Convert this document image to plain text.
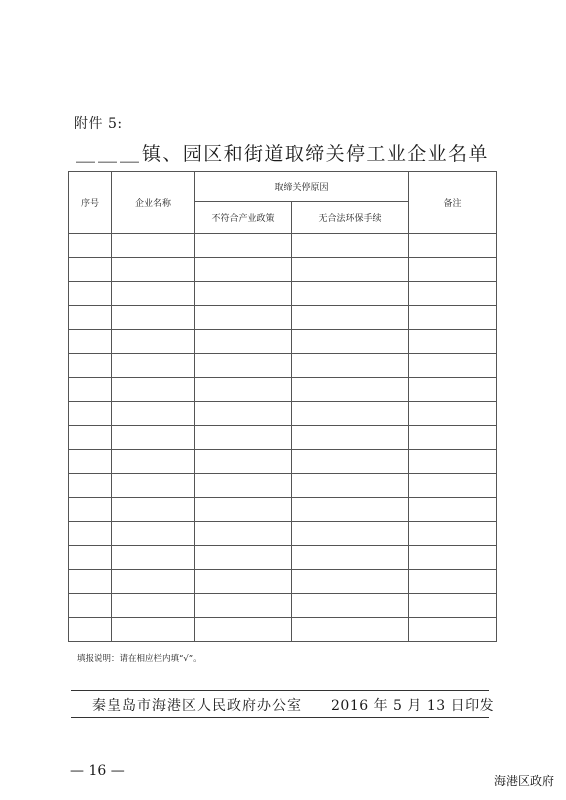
附件 5:
＿＿＿镇、园区和街道取缔关停工业企业名单
序号	企业名称	取缔关停原因		备注
		不符合产业政策	无合法环保手续	

填报说明：请在相应栏内填“√”。
秦皇岛市海港区人民政府办公室 2016 年 5 月 13 日印发
— 16 —
海港区政府
